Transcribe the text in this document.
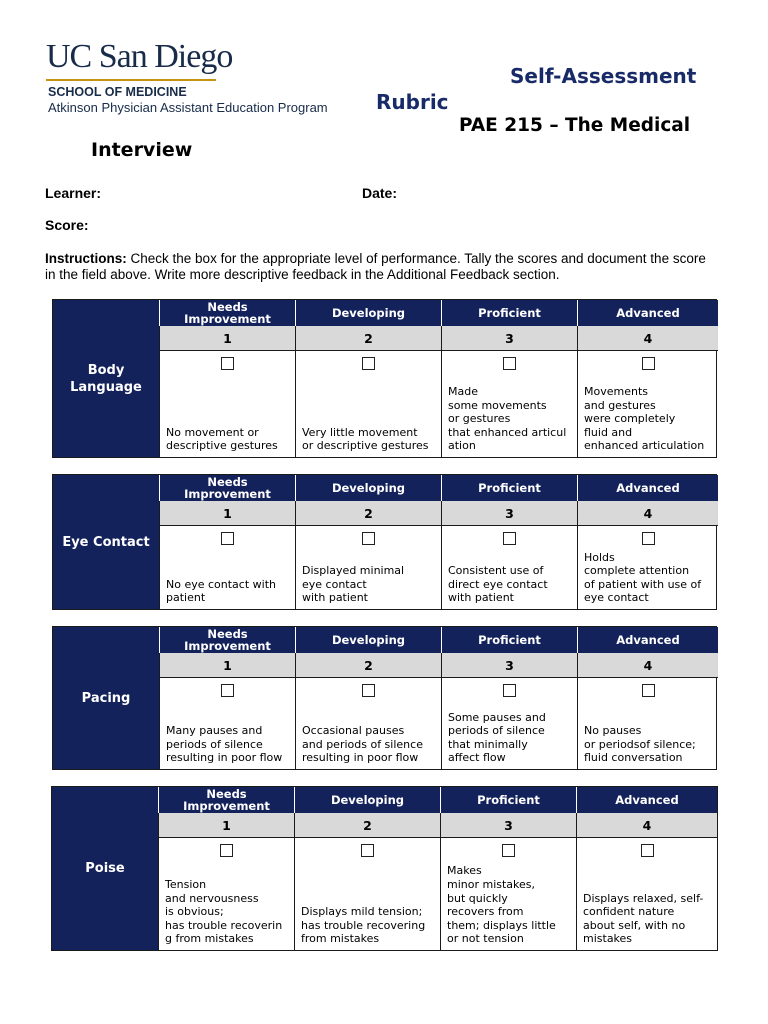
UC San Diego
SCHOOL OF MEDICINE
Atkinson Physician Assistant Education Program
Self-Assessment
Rubric
PAE 215 – The Medical
Interview
Learner:	Date:
Score:
Instructions: Check the box for the appropriate level of performance. Tally the scores and document the score in the field above. Write more descriptive feedback in the Additional Feedback section.
Body
Language
Needs
Improvement
1
No movement or
descriptive gestures
Developing
2
Very little movement
or descriptive gestures
Proficient
3
Made
some movements
or gestures
that enhanced articul
ation
Advanced
4
Movements
and gestures
were completely
fluid and
enhanced articulation
Eye Contact
Needs
Improvement
1
No eye contact with
patient
Developing
2
Displayed minimal
eye contact
with patient
Proficient
3
Consistent use of
direct eye contact
with patient
Advanced
4
Holds
complete attention
of patient with use of
eye contact
Pacing
Needs
Improvement
1
Many pauses and
periods of silence
resulting in poor flow
Developing
2
Occasional pauses
and periods of silence
resulting in poor flow
Proficient
3
Some pauses and
periods of silence
that minimally
affect flow
Advanced
4
No pauses
or periodsof silence;
fluid conversation
Poise
Needs
Improvement
1
Tension
and nervousness
is obvious;
has trouble recoverin
g from mistakes
Developing
2
Displays mild tension;
has trouble recovering
from mistakes
Proficient
3
Makes
minor mistakes,
but quickly
recovers from
them; displays little
or not tension
Advanced
4
Displays relaxed, self-
confident nature
about self, with no
mistakes
